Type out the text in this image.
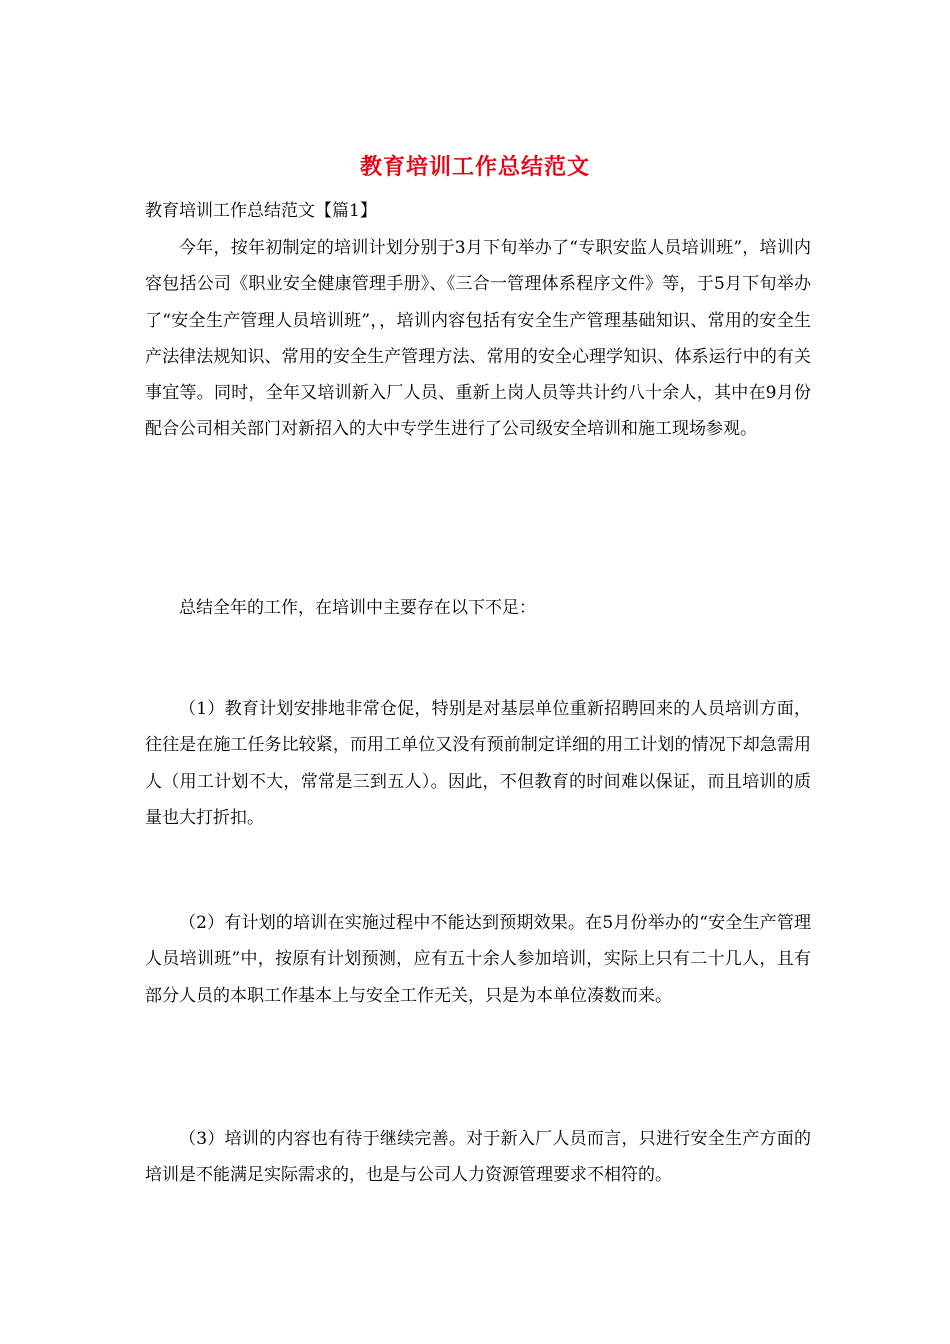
教育培训工作总结范文
教育培训工作总结范文【篇1】

今年，按年初制定的培训计划分别于3月下旬举办了“专职安监人员培训班”，培训内容包括公司《职业安全健康管理手册》、《三合一管理体系程序文件》等，于5月下旬举办了“安全生产管理人员培训班”，，培训内容包括有安全生产管理基础知识、常用的安全生产法律法规知识、常用的安全生产管理方法、常用的安全心理学知识、体系运行中的有关事宜等。同时，全年又培训新入厂人员、重新上岗人员等共计约八十余人，其中在9月份配合公司相关部门对新招入的大中专学生进行了公司级安全培训和施工现场参观。

总结全年的工作，在培训中主要存在以下不足：

（1）教育计划安排地非常仓促，特别是对基层单位重新招聘回来的人员培训方面，往往是在施工任务比较紧，而用工单位又没有预前制定详细的用工计划的情况下却急需用人（用工计划不大，常常是三到五人）。因此，不但教育的时间难以保证，而且培训的质量也大打折扣。

（2）有计划的培训在实施过程中不能达到预期效果。在5月份举办的“安全生产管理人员培训班”中，按原有计划预测，应有五十余人参加培训，实际上只有二十几人，且有部分人员的本职工作基本上与安全工作无关，只是为本单位凑数而来。

（3）培训的内容也有待于继续完善。对于新入厂人员而言，只进行安全生产方面的培训是不能满足实际需求的，也是与公司人力资源管理要求不相符的。
